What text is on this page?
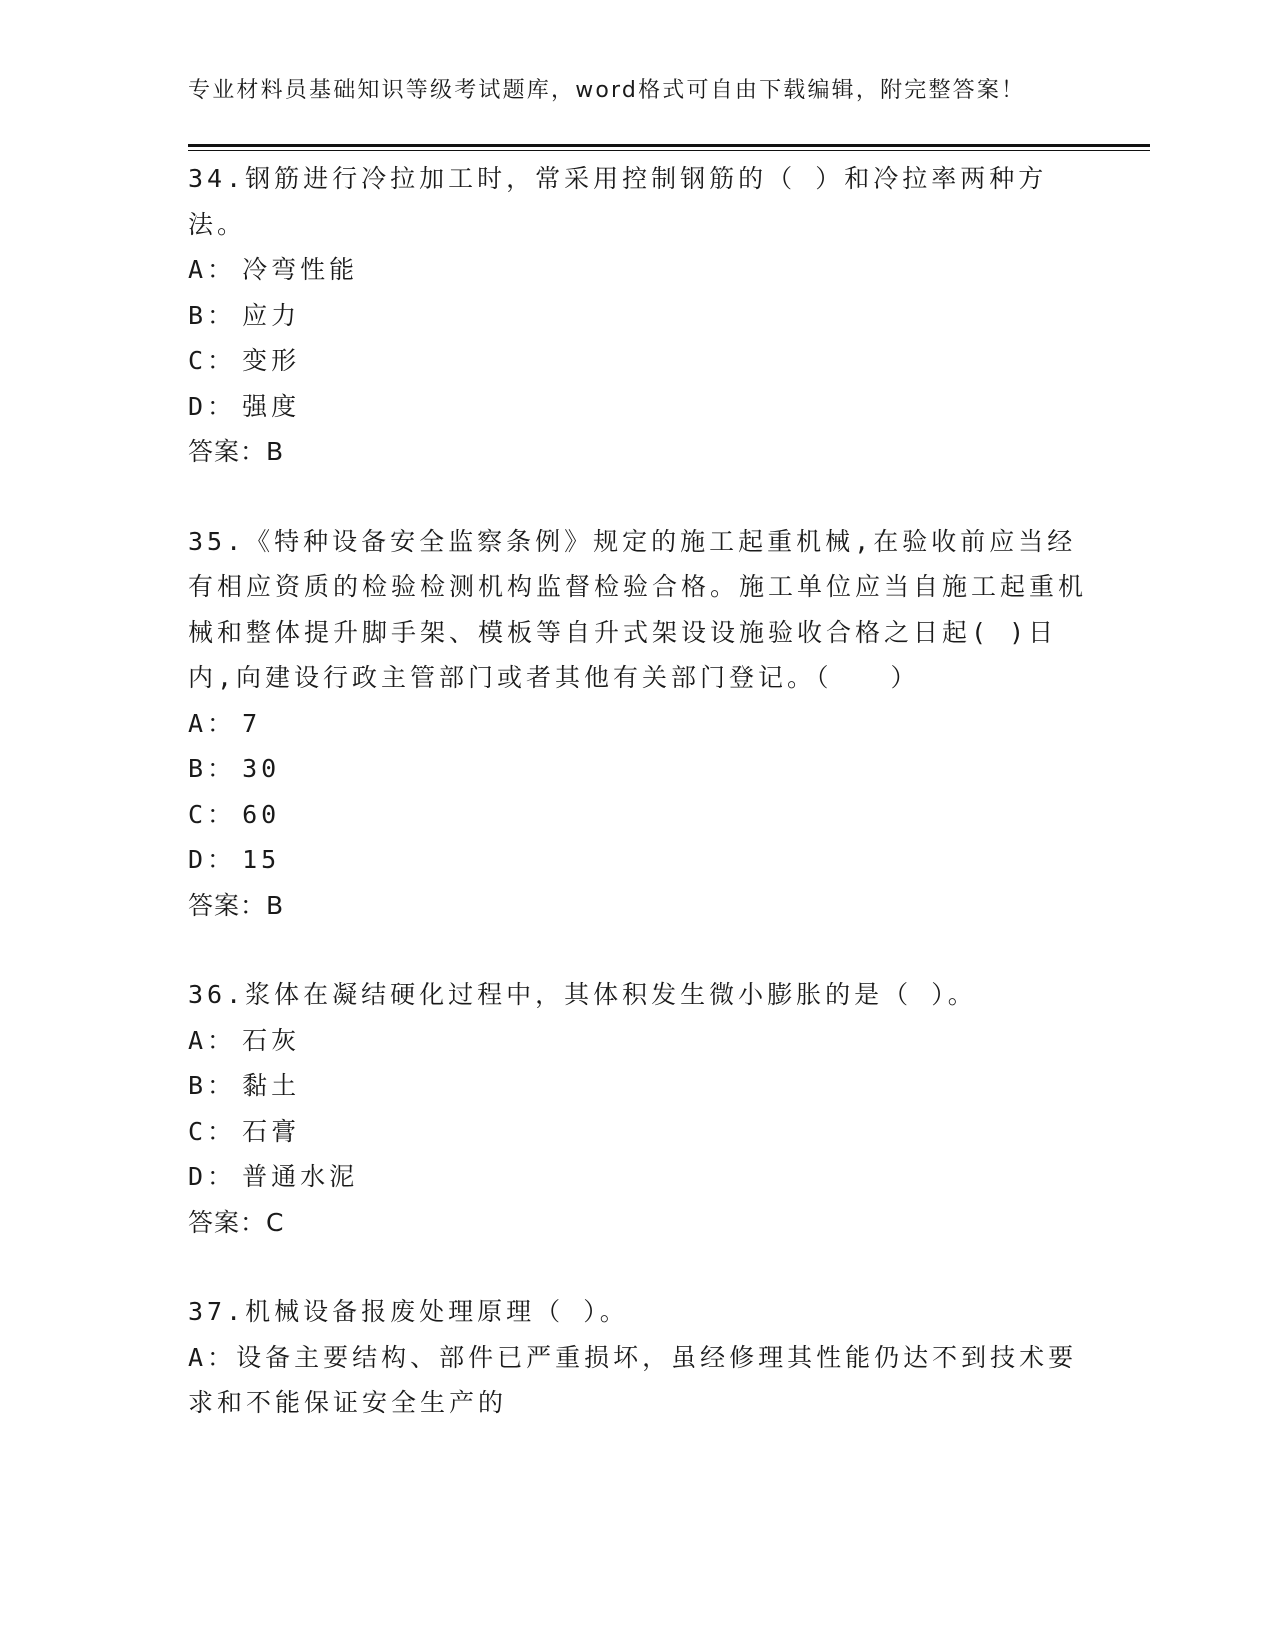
专业材料员基础知识等级考试题库，word格式可自由下载编辑，附完整答案！

34.钢筋进行冷拉加工时，常采用控制钢筋的（ ）和冷拉率两种方法。

A： 冷弯性能

B： 应力

C： 变形

D： 强度

答案：B

35.《特种设备安全监察条例》规定的施工起重机械,在验收前应当经有相应资质的检验检测机构监督检验合格。施工单位应当自施工起重机械和整体提升脚手架、模板等自升式架设设施验收合格之日起( )日内,向建设行政主管部门或者其他有关部门登记。（　　）

A： 7

B： 30

C： 60

D： 15

答案：B

36.浆体在凝结硬化过程中，其体积发生微小膨胀的是（ ）。

A： 石灰

B： 黏土

C： 石膏

D： 普通水泥

答案：C

37.机械设备报废处理原理（ ）。

A：设备主要结构、部件已严重损坏，虽经修理其性能仍达不到技术要求和不能保证安全生产的
